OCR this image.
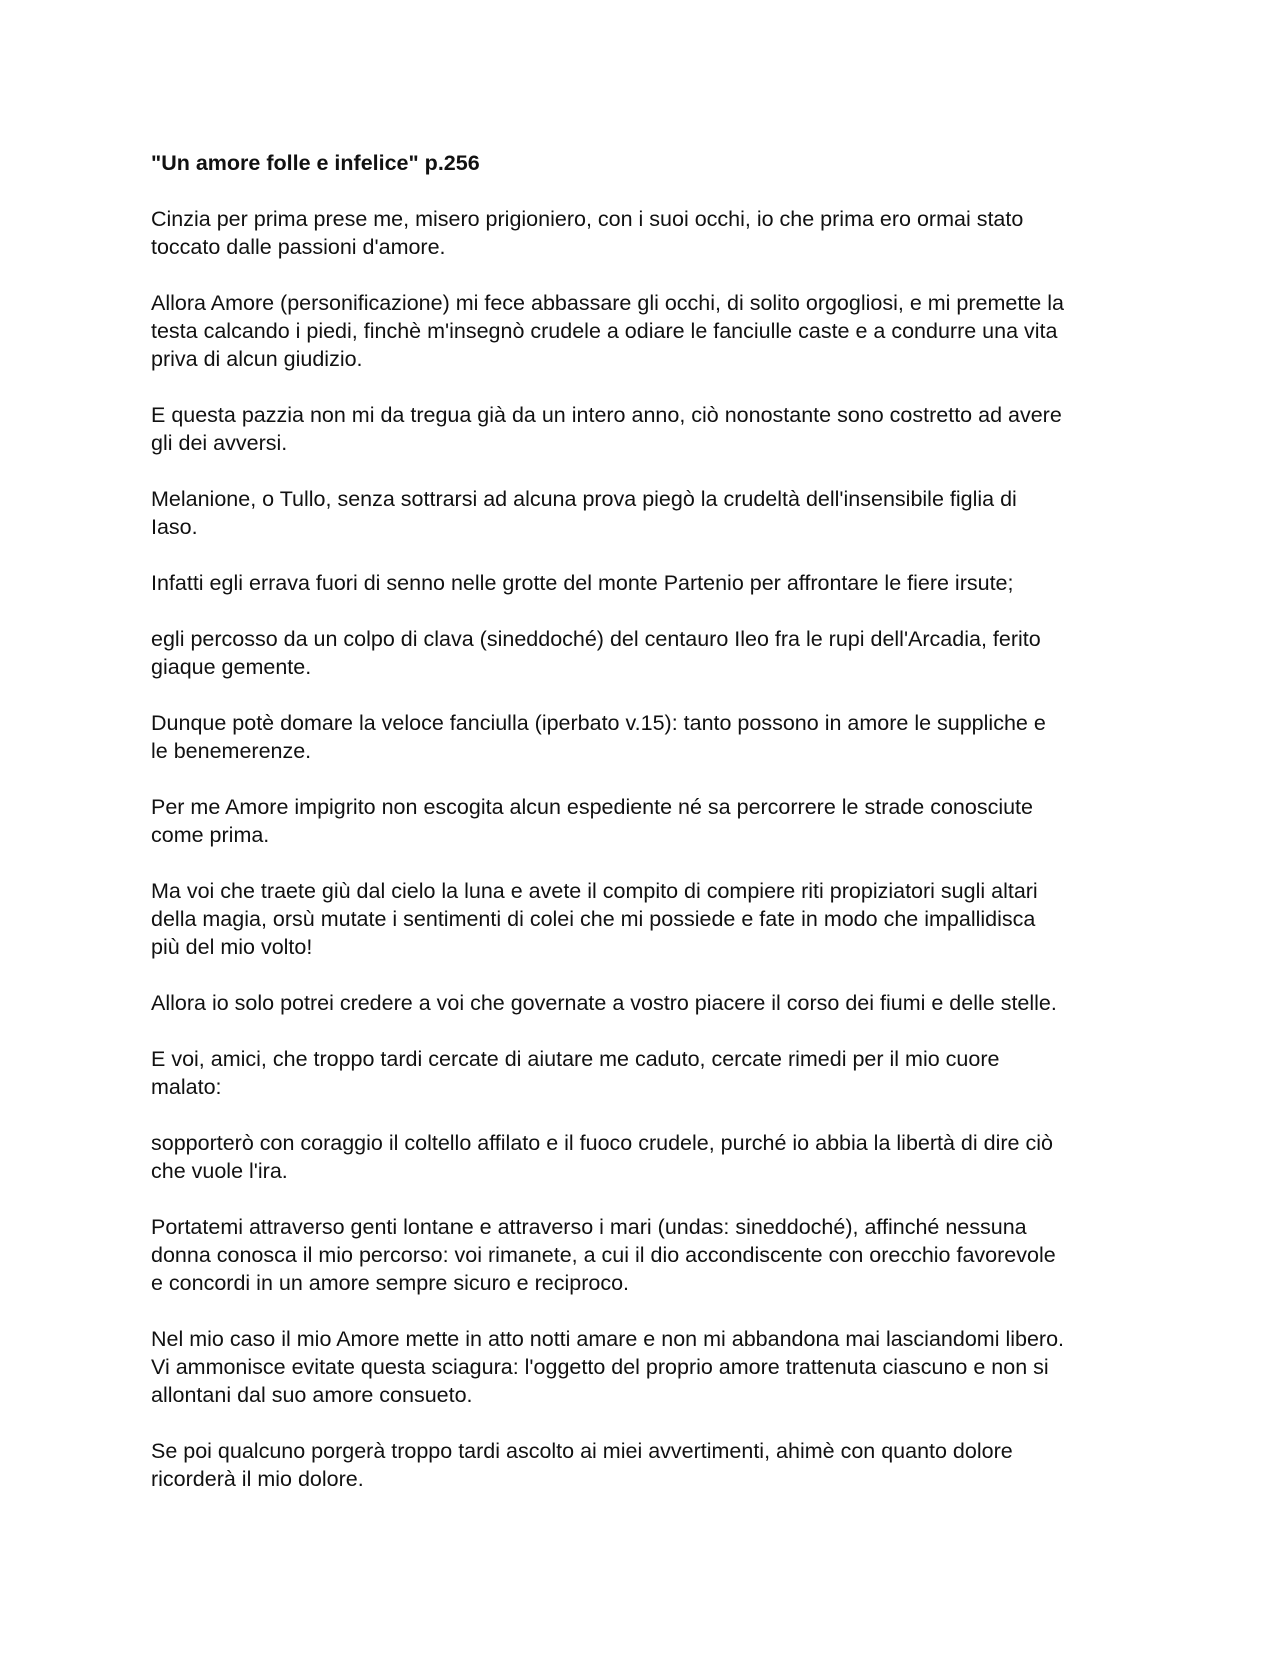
"Un amore folle e infelice" p.256
Cinzia per prima prese me, misero prigioniero, con i suoi occhi, io che prima ero ormai stato
toccato dalle passioni d'amore.
Allora Amore (personificazione) mi fece abbassare gli occhi, di solito orgogliosi, e mi premette la
testa calcando i piedi, finchè m'insegnò crudele a odiare le fanciulle caste e a condurre una vita
priva di alcun giudizio.
E questa pazzia non mi da tregua già da un intero anno, ciò nonostante sono costretto ad avere
gli dei avversi.
Melanione, o Tullo, senza sottrarsi ad alcuna prova piegò la crudeltà dell'insensibile figlia di
Iaso.
Infatti egli errava fuori di senno nelle grotte del monte Partenio per affrontare le fiere irsute;
egli percosso da un colpo di clava (sineddoché) del centauro Ileo fra le rupi dell'Arcadia, ferito
giaque gemente.
Dunque potè domare la veloce fanciulla (iperbato v.15): tanto possono in amore le suppliche e
le benemerenze.
Per me Amore impigrito non escogita alcun espediente né sa percorrere le strade conosciute
come prima.
Ma voi che traete giù dal cielo la luna e avete il compito di compiere riti propiziatori sugli altari
della magia, orsù mutate i sentimenti di colei che mi possiede e fate in modo che impallidisca
più del mio volto!
Allora io solo potrei credere a voi che governate a vostro piacere il corso dei fiumi e delle stelle.
E voi, amici, che troppo tardi cercate di aiutare me caduto, cercate rimedi per il mio cuore
malato:
sopporterò con coraggio il coltello affilato e il fuoco crudele, purché io abbia la libertà di dire ciò
che vuole l'ira.
Portatemi attraverso genti lontane e attraverso i mari (undas: sineddoché), affinché nessuna
donna conosca il mio percorso: voi rimanete, a cui il dio accondiscente con orecchio favorevole
e concordi in un amore sempre sicuro e reciproco.
Nel mio caso il mio Amore mette in atto notti amare e non mi abbandona mai lasciandomi libero.
Vi ammonisce evitate questa sciagura: l'oggetto del proprio amore trattenuta ciascuno e non si
allontani dal suo amore consueto.
Se poi qualcuno porgerà troppo tardi ascolto ai miei avvertimenti, ahimè con quanto dolore
ricorderà il mio dolore.
